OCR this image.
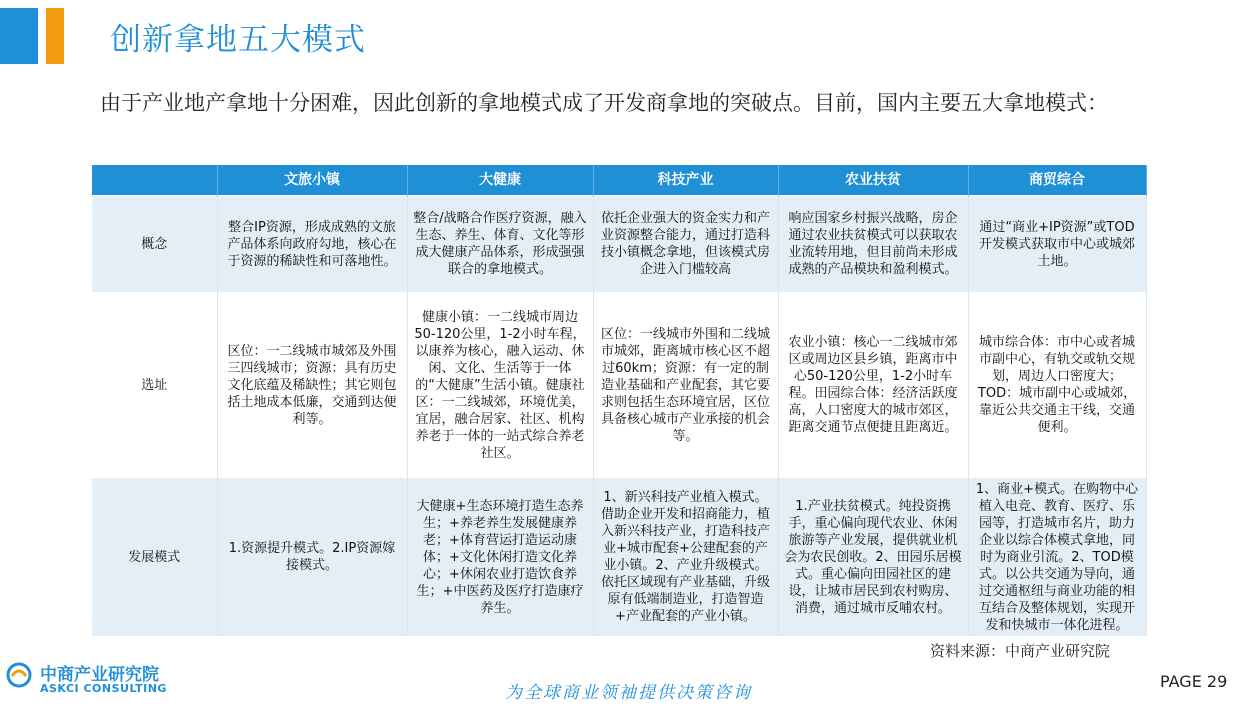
创新拿地五大模式
由于产业地产拿地十分困难，因此创新的拿地模式成了开发商拿地的突破点。目前，国内主要五大拿地模式：
	文旅小镇	大健康	科技产业	农业扶贫	商贸综合
概念	整合IP资源，形成成熟的文旅产品体系向政府勾地，核心在于资源的稀缺性和可落地性。	整合/战略合作医疗资源，融入生态、养生、体育、文化等形成大健康产品体系，形成强强联合的拿地模式。	依托企业强大的资金实力和产业资源整合能力，通过打造科技小镇概念拿地，但该模式房企进入门槛较高	响应国家乡村振兴战略，房企通过农业扶贫模式可以获取农业流转用地，但目前尚未形成成熟的产品模块和盈利模式。	通过“商业+IP资源”或TOD开发模式获取市中心或城郊土地。
选址	区位：一二线城市城郊及外围三四线城市；资源：具有历史文化底蕴及稀缺性；其它则包括土地成本低廉，交通到达便利等。	健康小镇：一二线城市周边50-120公里，1-2小时车程，以康养为核心，融入运动、休闲、文化、生活等于一体的“大健康”生活小镇。健康社区：一二线城郊，环境优美，宜居，融合居家、社区、机构养老于一体的一站式综合养老社区。	区位：一线城市外围和二线城市城郊，距离城市核心区不超过60km；资源：有一定的制造业基础和产业配套，其它要求则包括生态环境宜居，区位具备核心城市产业承接的机会等。	农业小镇：核心一二线城市郊区或周边区县乡镇，距离市中心50-120公里，1-2小时车程。田园综合体：经济活跃度高，人口密度大的城市郊区，距离交通节点便捷且距离近。	城市综合体：市中心或者城市副中心，有轨交或轨交规划，周边人口密度大；TOD：城市副中心或城郊，靠近公共交通主干线，交通便利。
发展模式	1.资源提升模式。2.IP资源嫁接模式。	大健康+生态环境打造生态养生；+养老养生发展健康养老；+体育营运打造运动康体；+文化休闲打造文化养心；+休闲农业打造饮食养生；+中医药及医疗打造康疗养生。	1、新兴科技产业植入模式。借助企业开发和招商能力，植入新兴科技产业，打造科技产业+城市配套+公建配套的产业小镇。2、产业升级模式。依托区域现有产业基础，升级原有低端制造业，打造智造+产业配套的产业小镇。	1.产业扶贫模式。纯投资携手，重心偏向现代农业、休闲旅游等产业发展，提供就业机会为农民创收。2、田园乐居模式。重心偏向田园社区的建设，让城市居民到农村购房、消费，通过城市反哺农村。	1、商业+模式。在购物中心植入电竞、教育、医疗、乐园等，打造城市名片，助力企业以综合体模式拿地，同时为商业引流。2、TOD模式。以公共交通为导向，通过交通枢纽与商业功能的相互结合及整体规划，实现开发和快城市一体化进程。
资料来源：中商产业研究院
中商产业研究院
ASKCI CONSULTING	为全球商业领袖提供决策咨询
PAGE 29
